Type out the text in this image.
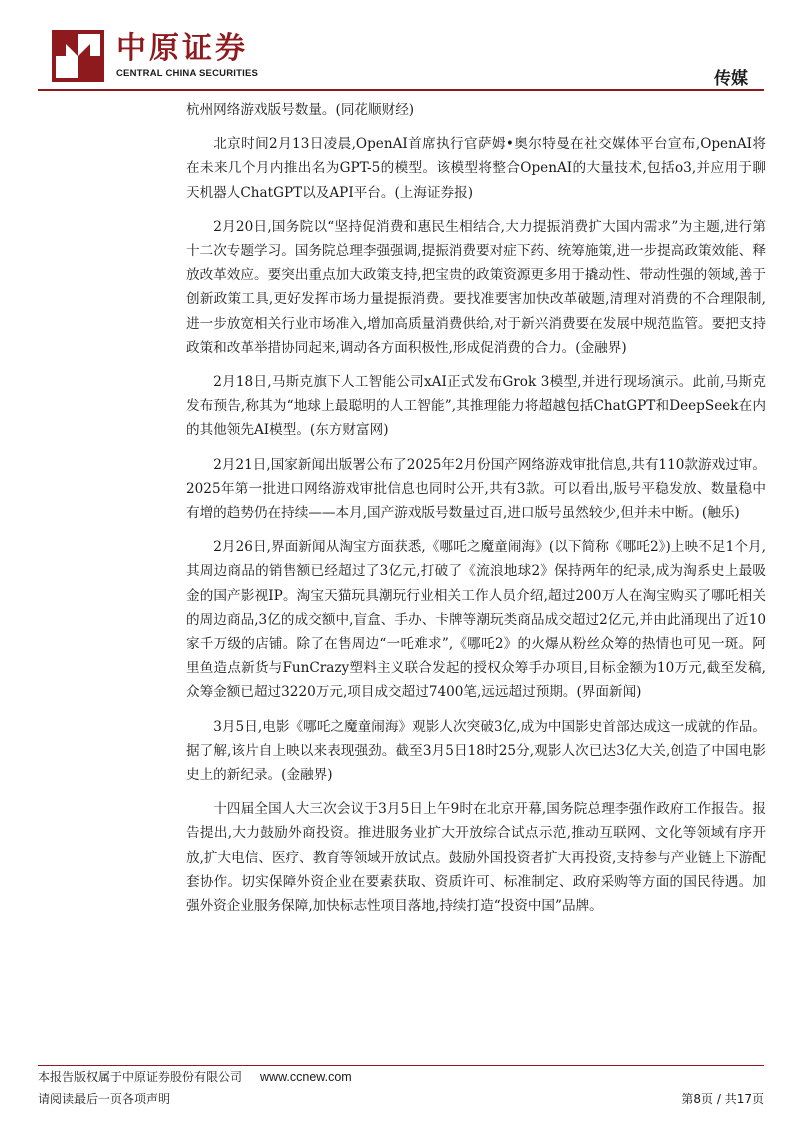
中原证券
CENTRAL CHINA SECURITIES	传媒

杭州网络游戏版号数量。(同花顺财经)

北京时间2月13日凌晨,OpenAI首席执行官萨姆•奥尔特曼在社交媒体平台宣布,OpenAI将在未来几个月内推出名为GPT-5的模型。该模型将整合OpenAI的大量技术,包括o3,并应用于聊天机器人ChatGPT以及API平台。(上海证券报)

2月20日,国务院以“坚持促消费和惠民生相结合,大力提振消费扩大国内需求”为主题,进行第十二次专题学习。国务院总理李强强调,提振消费要对症下药、统筹施策,进一步提高政策效能、释放改革效应。要突出重点加大政策支持,把宝贵的政策资源更多用于撬动性、带动性强的领域,善于创新政策工具,更好发挥市场力量提振消费。要找准要害加快改革破题,清理对消费的不合理限制,进一步放宽相关行业市场准入,增加高质量消费供给,对于新兴消费要在发展中规范监管。要把支持政策和改革举措协同起来,调动各方面积极性,形成促消费的合力。(金融界)

2月18日,马斯克旗下人工智能公司xAI正式发布Grok 3模型,并进行现场演示。此前,马斯克发布预告,称其为“地球上最聪明的人工智能”,其推理能力将超越包括ChatGPT和DeepSeek在内的其他领先AI模型。(东方财富网)

2月21日,国家新闻出版署公布了2025年2月份国产网络游戏审批信息,共有110款游戏过审。2025年第一批进口网络游戏审批信息也同时公开,共有3款。可以看出,版号平稳发放、数量稳中有增的趋势仍在持续——本月,国产游戏版号数量过百,进口版号虽然较少,但并未中断。(触乐)

2月26日,界面新闻从淘宝方面获悉,《哪吒之魔童闹海》(以下简称《哪吒2》)上映不足1个月,其周边商品的销售额已经超过了3亿元,打破了《流浪地球2》保持两年的纪录,成为淘系史上最吸金的国产影视IP。淘宝天猫玩具潮玩行业相关工作人员介绍,超过200万人在淘宝购买了哪吒相关的周边商品,3亿的成交额中,盲盒、手办、卡牌等潮玩类商品成交超过2亿元,并由此涌现出了近10家千万级的店铺。除了在售周边“一吒难求”,《哪吒2》的火爆从粉丝众筹的热情也可见一斑。阿里鱼造点新货与FunCrazy塑料主义联合发起的授权众筹手办项目,目标金额为10万元,截至发稿,众筹金额已超过3220万元,项目成交超过7400笔,远远超过预期。(界面新闻)

3月5日,电影《哪吒之魔童闹海》观影人次突破3亿,成为中国影史首部达成这一成就的作品。据了解,该片自上映以来表现强劲。截至3月5日18时25分,观影人次已达3亿大关,创造了中国电影史上的新纪录。(金融界)

十四届全国人大三次会议于3月5日上午9时在北京开幕,国务院总理李强作政府工作报告。报告提出,大力鼓励外商投资。推进服务业扩大开放综合试点示范,推动互联网、文化等领域有序开放,扩大电信、医疗、教育等领域开放试点。鼓励外国投资者扩大再投资,支持参与产业链上下游配套协作。切实保障外资企业在要素获取、资质许可、标准制定、政府采购等方面的国民待遇。加强外资企业服务保障,加快标志性项目落地,持续打造“投资中国”品牌。

本报告版权属于中原证券股份有限公司 www.ccnew.com
请阅读最后一页各项声明	第8页 / 共17页
